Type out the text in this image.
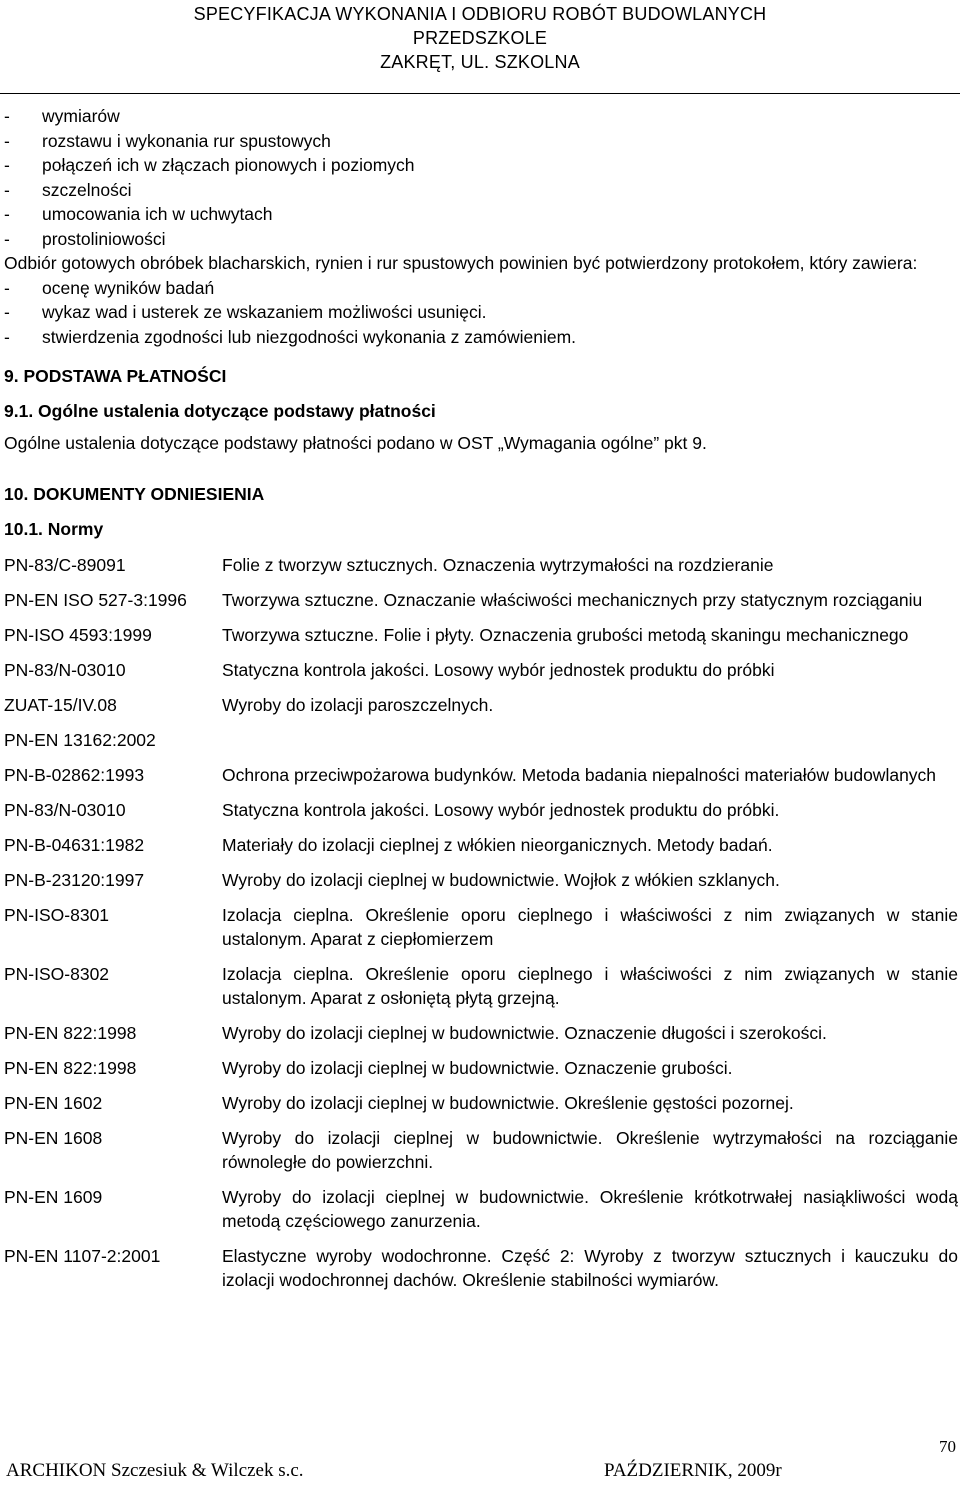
SPECYFIKACJA WYKONANIA I ODBIORU ROBÓT BUDOWLANYCH
PRZEDSZKOLE
ZAKRĘT, UL. SZKOLNA
- wymiarów
- rozstawu i wykonania rur spustowych
- połączeń ich w złączach pionowych i poziomych
- szczelności
- umocowania ich w uchwytach
- prostoliniowości
Odbiór gotowych obróbek blacharskich, rynien i rur spustowych powinien być potwierdzony protokołem, który zawiera:
- ocenę wyników badań
- wykaz wad i usterek ze wskazaniem możliwości usunięci.
- stwierdzenia zgodności lub niezgodności wykonania z zamówieniem.
9. PODSTAWA PŁATNOŚCI
9.1. Ogólne ustalenia dotyczące podstawy płatności
Ogólne ustalenia dotyczące podstawy płatności podano w OST „Wymagania ogólne” pkt 9.
10. DOKUMENTY ODNIESIENIA
10.1. Normy
PN-83/C-89091	Folie z tworzyw sztucznych. Oznaczenia wytrzymałości na rozdzieranie
PN-EN ISO 527-3:1996	Tworzywa sztuczne. Oznaczanie właściwości mechanicznych przy statycznym rozciąganiu
PN-ISO 4593:1999	Tworzywa sztuczne. Folie i płyty. Oznaczenia grubości metodą skaningu mechanicznego
PN-83/N-03010	Statyczna kontrola jakości. Losowy wybór jednostek produktu do próbki
ZUAT-15/IV.08	Wyroby do izolacji paroszczelnych.
PN-EN 13162:2002
PN-B-02862:1993	Ochrona przeciwpożarowa budynków. Metoda badania niepalności materiałów budowlanych
PN-83/N-03010	Statyczna kontrola jakości. Losowy wybór jednostek produktu do próbki.
PN-B-04631:1982	Materiały do izolacji cieplnej z włókien nieorganicznych. Metody badań.
PN-B-23120:1997	Wyroby do izolacji cieplnej w budownictwie. Wojłok z włókien szklanych.
PN-ISO-8301	Izolacja cieplna. Określenie oporu cieplnego i właściwości z nim związanych w stanie ustalonym. Aparat z ciepłomierzem
PN-ISO-8302	Izolacja cieplna. Określenie oporu cieplnego i właściwości z nim związanych w stanie ustalonym. Aparat z osłoniętą płytą grzejną.
PN-EN 822:1998	Wyroby do izolacji cieplnej w budownictwie. Oznaczenie długości i szerokości.
PN-EN 822:1998	Wyroby do izolacji cieplnej w budownictwie. Oznaczenie grubości.
PN-EN 1602	Wyroby do izolacji cieplnej w budownictwie. Określenie gęstości pozornej.
PN-EN 1608	Wyroby do izolacji cieplnej w budownictwie. Określenie wytrzymałości na rozciąganie równoległe do powierzchni.
PN-EN 1609	Wyroby do izolacji cieplnej w budownictwie. Określenie krótkotrwałej nasiąkliwości wodą metodą częściowego zanurzenia.
PN-EN 1107-2:2001	Elastyczne wyroby wodochronne. Część 2: Wyroby z tworzyw sztucznych i kauczuku do izolacji wodochronnej dachów. Określenie stabilności wymiarów.
70
ARCHIKON Szczesiuk & Wilczek s.c.	PAŹDZIERNIK, 2009r
